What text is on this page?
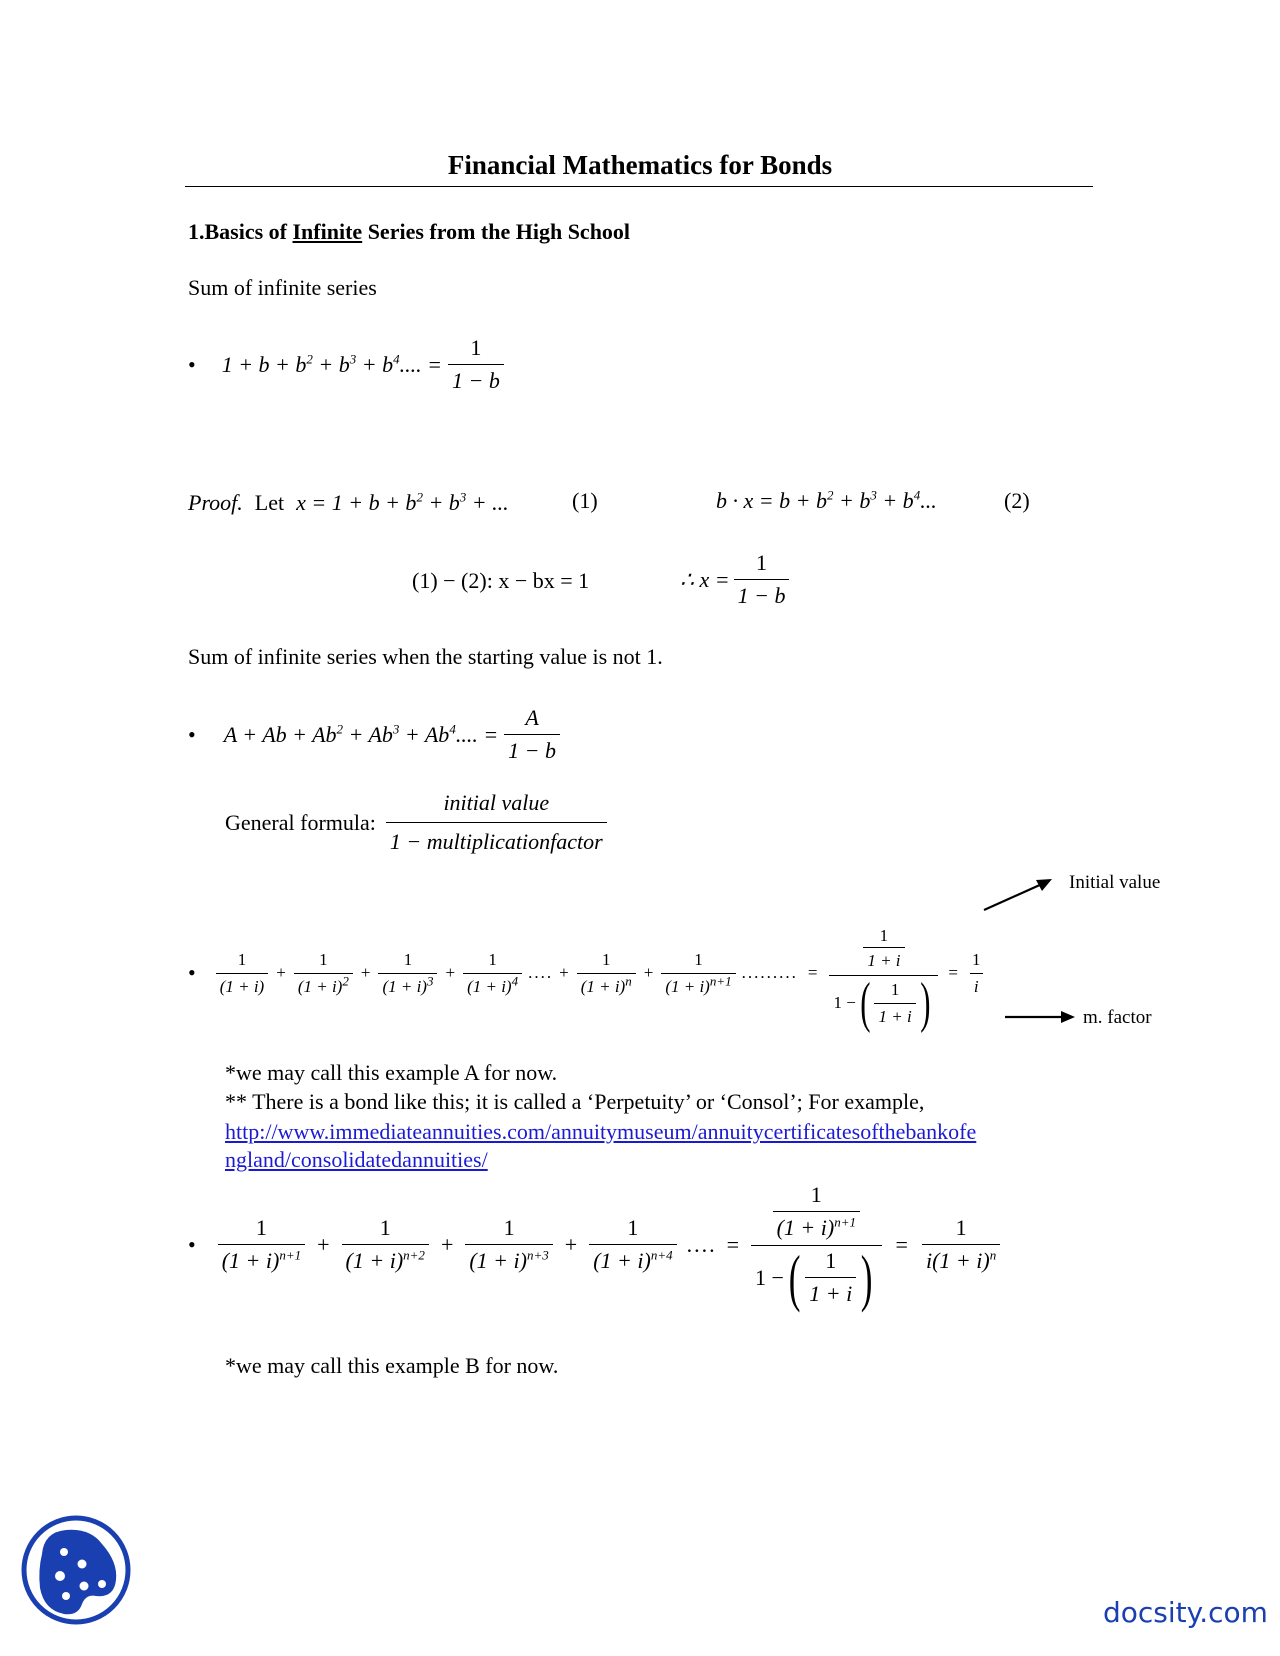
Financial Mathematics for Bonds
1.Basics of Infinite Series from the High School
Sum of infinite series
• $1 + b + b^2 + b^3 + b^4$.... = $\frac{1}{1 - b}$
Proof. Let $x = 1 + b + b^2 + b^3$ + ...	(1)	$b \cdot x = b + b^2 + b^3 + b^4$...	(2)
(1) − (2): x − bx = 1	∴ $x = \frac{1}{1 - b}$
Sum of infinite series when the starting value is not 1.
• $A + Ab + Ab^2 + Ab^3 + Ab^4$.... = $\frac{A}{1 - b}$
General formula: $\frac{\text{initial value}}{\text{1 − multiplicationfactor}}$
Initial value
m. factor
• $\frac{1}{(1 + i)} + \frac{1}{(1 + i)^2} + \frac{1}{(1 + i)^3} + \frac{1}{(1 + i)^4}$ .... + $\frac{1}{(1 + i)^n} + \frac{1}{(1 + i)^{n+1}}$ ......... = $\frac{\frac{1}{1 + i}}{1 - ( \frac{1}{1 + i} )} = \frac{1}{i}$
*we may call this example A for now.
** There is a bond like this; it is called a ‘Perpetuity’ or ‘Consol’; For example,
http://www.immediateannuities.com/annuitymuseum/annuitycertificatesofthebankofe
ngland/consolidatedannuities/
• $\frac{1}{(1 + i)^{n+1}} + \frac{1}{(1 + i)^{n+2}} + \frac{1}{(1 + i)^{n+3}} + \frac{1}{(1 + i)^{n+4}}$ .... = $\frac{\frac{1}{(1 + i)^{n+1}}}{1 - ( \frac{1}{1 + i} )} = \frac{1}{i(1 + i)^n}$
*we may call this example B for now.
docsity.com
